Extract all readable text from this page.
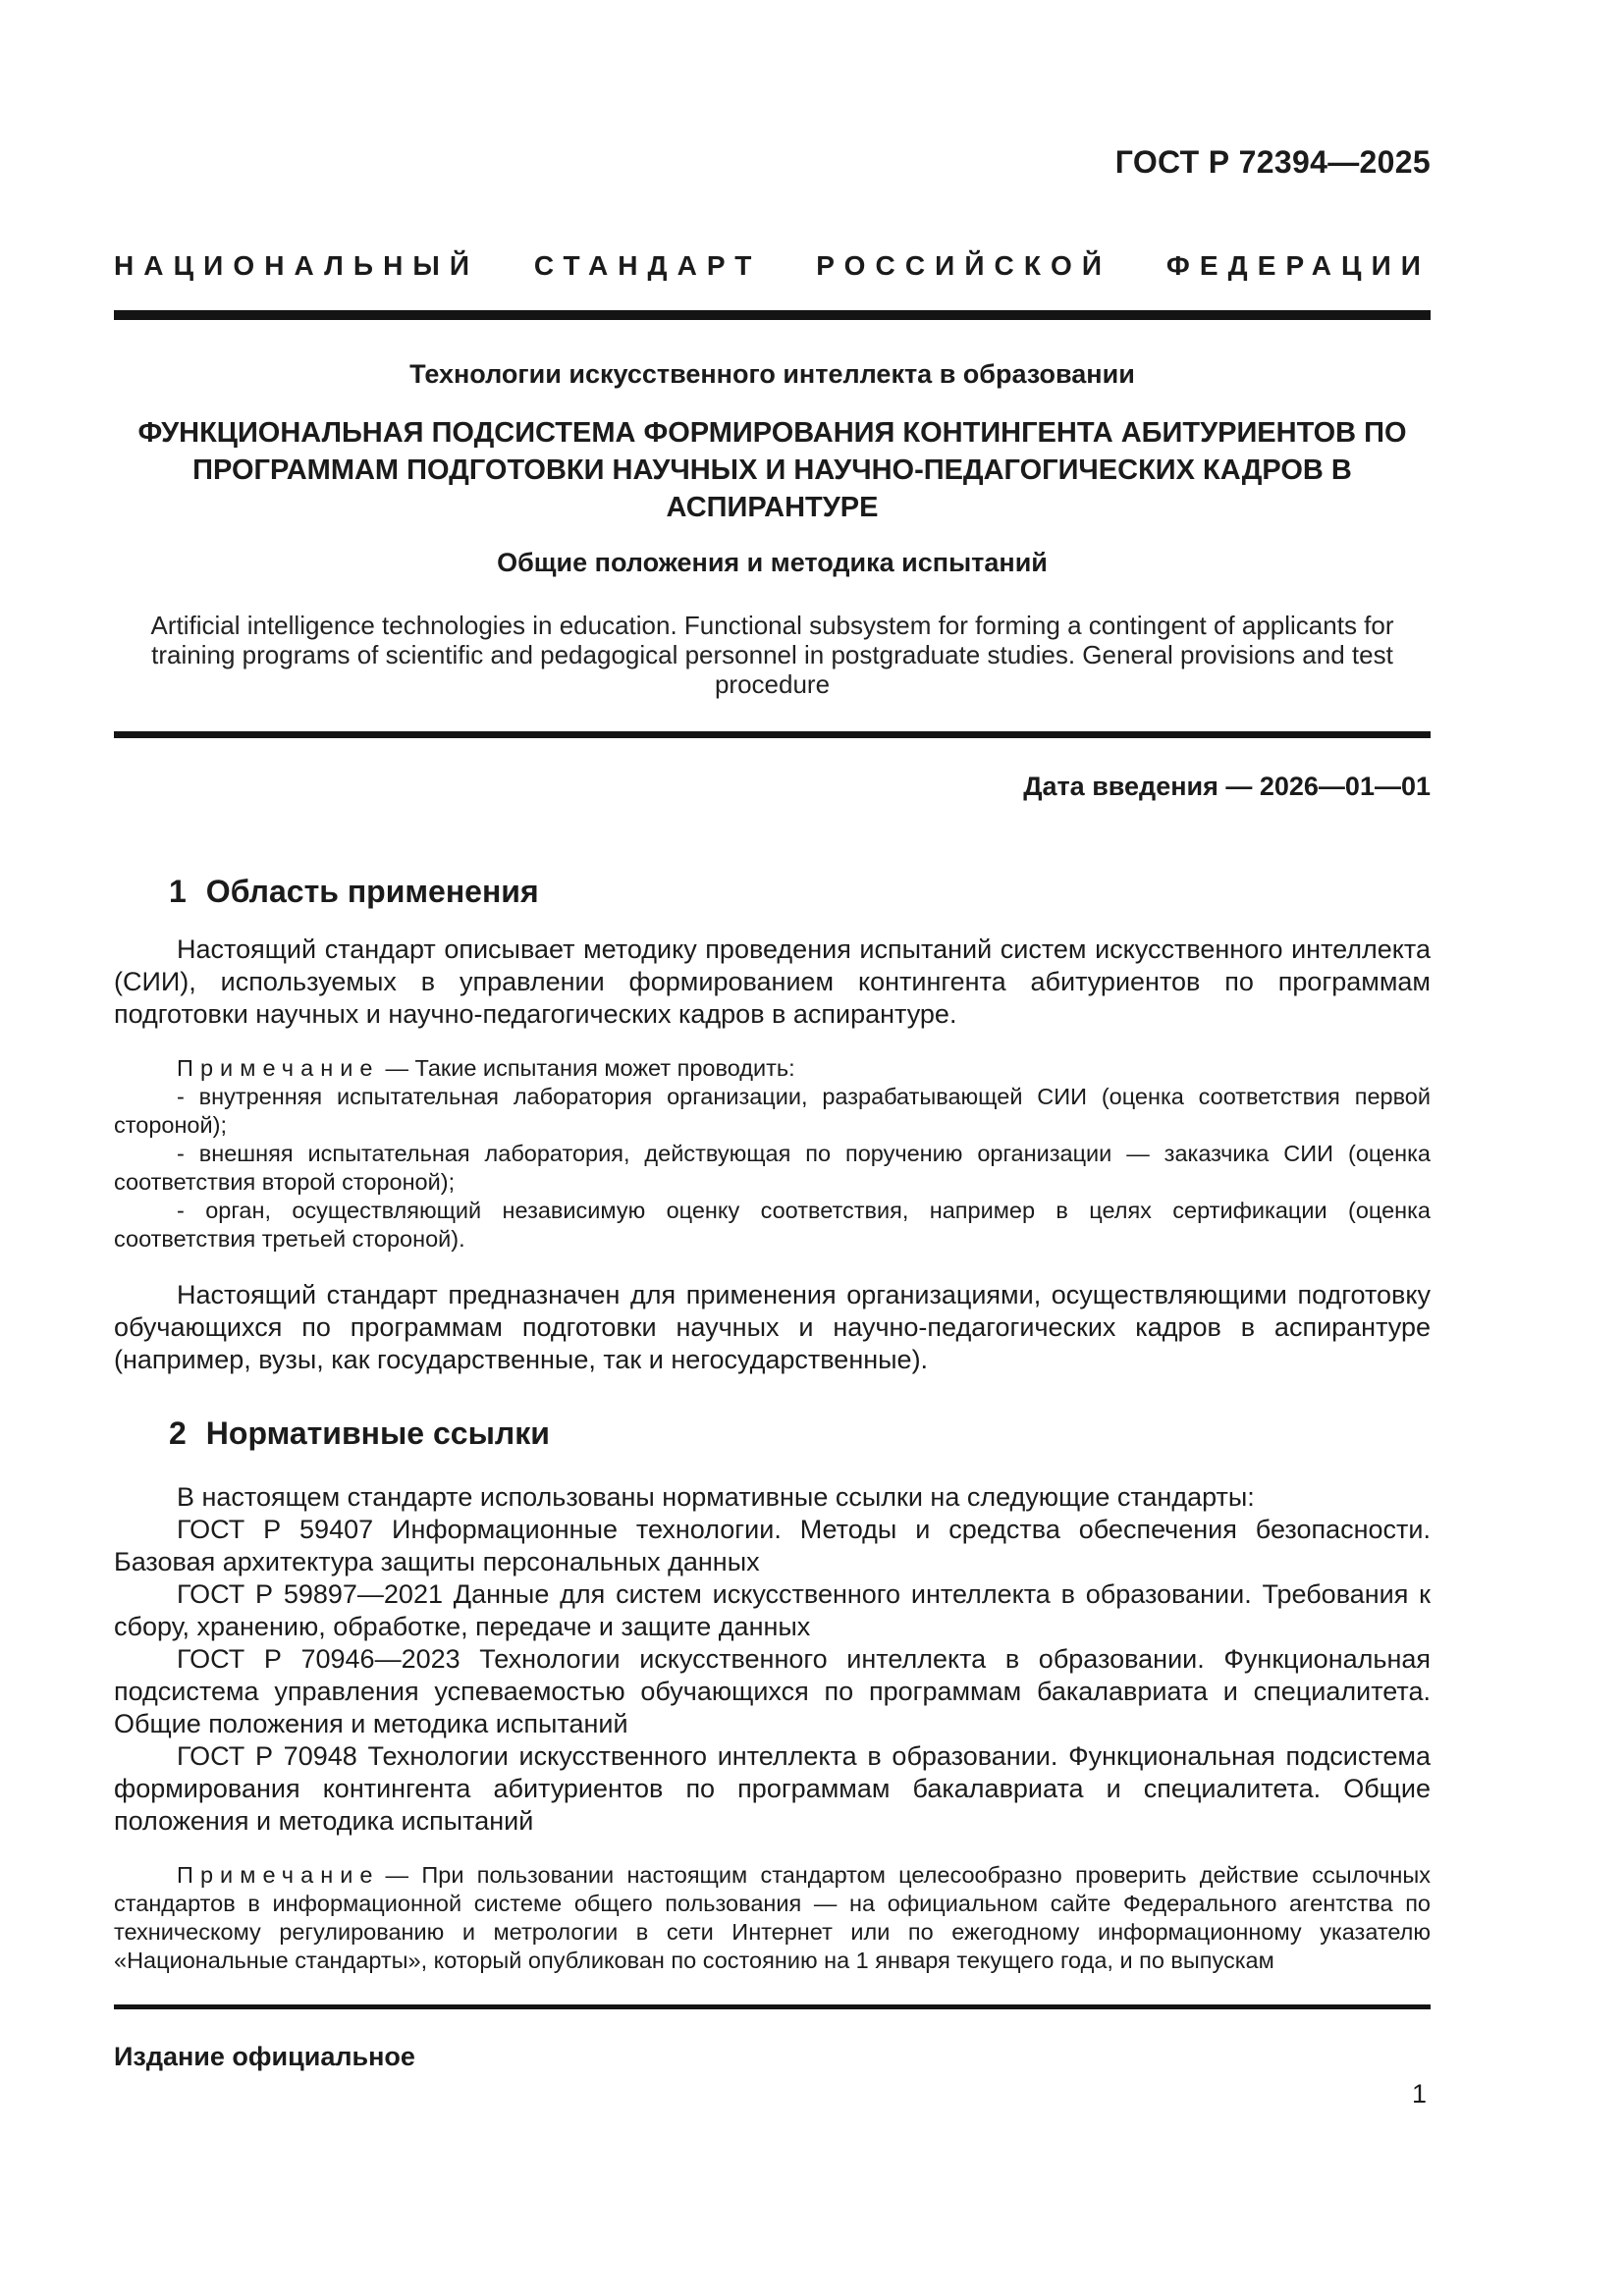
ГОСТ Р 72394—2025
НАЦИОНАЛЬНЫЙ СТАНДАРТ РОССИЙСКОЙ ФЕДЕРАЦИИ
Технологии искусственного интеллекта в образовании
ФУНКЦИОНАЛЬНАЯ ПОДСИСТЕМА ФОРМИРОВАНИЯ КОНТИНГЕНТА АБИТУРИЕНТОВ ПО ПРОГРАММАМ ПОДГОТОВКИ НАУЧНЫХ И НАУЧНО-ПЕДАГОГИЧЕСКИХ КАДРОВ В АСПИРАНТУРЕ
Общие положения и методика испытаний
Artificial intelligence technologies in education. Functional subsystem for forming a contingent of applicants for training programs of scientific and pedagogical personnel in postgraduate studies. General provisions and test procedure
Дата введения — 2026—01—01
1 Область применения

Настоящий стандарт описывает методику проведения испытаний систем искусственного интеллекта (СИИ), используемых в управлении формированием контингента абитуриентов по программам подготовки научных и научно-педагогических кадров в аспирантуре.

Примечание — Такие испытания может проводить:

- внутренняя испытательная лаборатория организации, разрабатывающей СИИ (оценка соответствия первой стороной);

- внешняя испытательная лаборатория, действующая по поручению организации — заказчика СИИ (оценка соответствия второй стороной);

- орган, осуществляющий независимую оценку соответствия, например в целях сертификации (оценка соответствия третьей стороной).

Настоящий стандарт предназначен для применения организациями, осуществляющими подготовку обучающихся по программам подготовки научных и научно-педагогических кадров в аспирантуре (например, вузы, как государственные, так и негосударственные).

2 Нормативные ссылки

В настоящем стандарте использованы нормативные ссылки на следующие стандарты:

ГОСТ Р 59407 Информационные технологии. Методы и средства обеспечения безопасности. Базовая архитектура защиты персональных данных

ГОСТ Р 59897—2021 Данные для систем искусственного интеллекта в образовании. Требования к сбору, хранению, обработке, передаче и защите данных

ГОСТ Р 70946—2023 Технологии искусственного интеллекта в образовании. Функциональная подсистема управления успеваемостью обучающихся по программам бакалавриата и специалитета. Общие положения и методика испытаний

ГОСТ Р 70948 Технологии искусственного интеллекта в образовании. Функциональная подсистема формирования контингента абитуриентов по программам бакалавриата и специалитета. Общие положения и методика испытаний

Примечание — При пользовании настоящим стандартом целесообразно проверить действие ссылочных стандартов в информационной системе общего пользования — на официальном сайте Федерального агентства по техническому регулированию и метрологии в сети Интернет или по ежегодному информационному указателю «Национальные стандарты», который опубликован по состоянию на 1 января текущего года, и по выпускам

Издание официальное
1
